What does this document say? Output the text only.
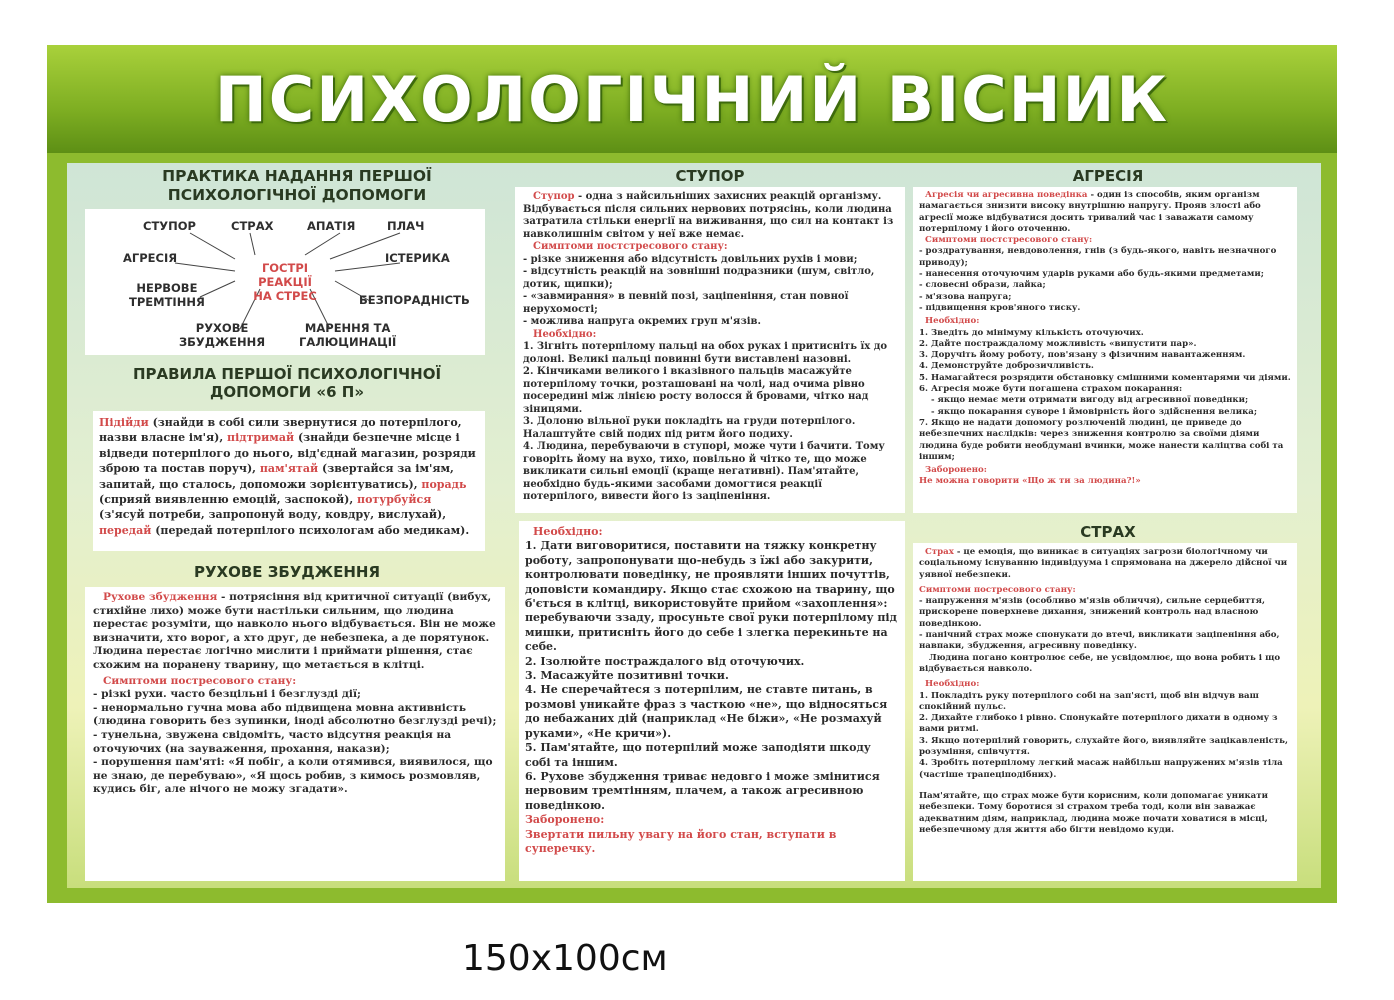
ПСИХОЛОГІЧНИЙ ВІСНИК
ПРАКТИКА НАДАННЯ ПЕРШОЇ
ПСИХОЛОГІЧНОЇ ДОПОМОГИ
СТУПОР	СТРАХ	АПАТІЯ	ПЛАЧ
АГРЕСІЯ	ІСТЕРИКА
НЕРВОВЕ
ТРЕМТІННЯ	БЕЗПОРАДНІСТЬ
РУХОВЕ
ЗБУДЖЕННЯ
МАРЕННЯ ТА
ГАЛЮЦИНАЦІЇ
ГОСТРІ РЕАКЦІЇ
НА СТРЕС
ПРАВИЛА ПЕРШОЇ ПСИХОЛОГІЧНОЇ
ДОПОМОГИ «6 П»

Підійди (знайди в собі сили звернутися до потерпілого, назви власне ім'я), підтримай (знайди безпечне місце і відведи потерпілого до нього, від'єднай магазин, розряди зброю та постав поруч), пам'ятай (звертайся за ім'ям, запитай, що сталось, допоможи зорієнтуватись), порадь (сприяй виявленню емоцій, заспокой), потурбуйся (з'ясуй потреби, запропонуй воду, ковдру, вислухай), передай (передай потерпілого психологам або медикам).

РУХОВЕ ЗБУДЖЕННЯ

Рухове збудження - потрясіння від критичної ситуації (вибух, стихійне лихо) може бути настільки сильним, що людина перестає розуміти, що навколо нього відбувається. Він не може визначити, хто ворог, а хто друг, де небезпека, а де порятунок. Людина перестає логічно мислити і приймати рішення, стає схожим на поранену тварину, що метається в клітці.

Симптоми постресового стану:

- різкі рухи. часто безцільні і безглузді дії;

- ненормально гучна мова або підвищена мовна активність (людина говорить без зупинки, іноді абсолютно безглузді речі);

- тунельна, звужена свідоміть, часто відсутня реакція на оточуючих (на зауваження, прохання, накази);

- порушення пам'яті: «Я побіг, а коли отямився, виявилося, що не знаю, де перебуваю», «Я щось робив, з кимось розмовляв, кудись біг, але нічого не можу згадати».

СТУПОР

Ступор - одна з найсильніших захисних реакцій організму. Відбувається після сильних нервових потрясінь, коли людина затратила стільки енергії на виживання, що сил на контакт із навколишнім світом у неї вже немає.

Симптоми постстресового стану:

- різке зниження або відсутність довільних рухів і мови;

- відсутність реакцій на зовнішні подразники (шум, світло, дотик, щипки);

- «завмирання» в певній позі, заціпеніння, стан повної нерухомості;

- можлива напруга окремих груп м'язів.

Необхідно:

1. Зігніть потерпілому пальці на обох руках і притисніть їх до долоні. Великі пальці повинні бути виставлені назовні.

2. Кінчиками великого і вказівного пальців масажуйте потерпілому точки, розташовані на чолі, над очима рівно посередині між лінією росту волосся й бровами, чітко над зіницями.

3. Долоню вільної руки покладіть на груди потерпілого. Налаштуйте свій подих під ритм його подиху.

4. Людина, перебуваючи в ступорі, може чути і бачити. Тому говоріть йому на вухо, тихо, повільно й чітко те, що може викликати сильні емоції (краще негативні). Пам'ятайте, необхідно будь-якими засобами домогтися реакції потерпілого, вивести його із заціпеніння.

Необхідно:

1. Дати виговоритися, поставити на тяжку конкретну роботу, запропонувати що-небудь з їжі або закурити, контролювати поведінку, не проявляти інших почуттів, доповісти командиру. Якщо стає схожою на тварину, що б'ється в клітці, використовуйте прийом «захоплення»: перебуваючи ззаду, просуньте свої руки потерпілому під мишки, притисніть його до себе і злегка перекиньте на себе.

2. Ізолюйте постраждалого від оточуючих.

3. Масажуйте позитивні точки.

4. Не сперечайтеся з потерпілим, не ставте питань, в розмові уникайте фраз з часткою «не», що відносяться до небажаних дій (наприклад «Не біжи», «Не розмахуй руками», «Не кричи»).

5. Пам'ятайте, що потерпілий може заподіяти шкоду собі та іншим.

6. Рухове збудження триває недовго і може змінитися нервовим тремтінням, плачем, а також агресивною поведінкою.

Заборонено:

Звертати пильну увагу на його стан, вступати в суперечку.

АГРЕСІЯ

Агресія чи агресивна поведінка - один із способів, яким організм намагається знизити високу внутрішню напругу. Прояв злості або агресії може відбуватися досить тривалий час і заважати самому потерпілому і його оточенню.

Симптоми постстресового стану:

- роздратування, невдоволення, гнів (з будь-якого, навіть незначного приводу);

- нанесення оточуючим ударів руками або будь-якими предметами;

- словесні образи, лайка;

- м'язова напруга;

- підвищення кров'яного тиску.

Необхідно:

1. Зведіть до мінімуму кількість оточуючих.

2. Дайте постраждалому можливість «випустити пар».

3. Доручіть йому роботу, пов'язану з фізичним навантаженням.

4. Демонструйте доброзичливість.

5. Намагайтеся розрядити обстановку смішними коментарями чи діями.

6. Агресія може бути погашена страхом покарання:

- якщо немає мети отримати вигоду від агресивної поведінки;

- якщо покарання суворе і ймовірність його здійснення велика;

7. Якщо не надати допомогу розлюченій людині, це приведе до небезпечних наслідків: через зниження контролю за своїми діями людина буде робити необдумані вчинки, може нанести каліцтва собі та іншим;

Заборонено:

Не можна говорити «Що ж ти за людина?!»

СТРАХ

Страх - це емоція, що виникає в ситуаціях загрози біологічному чи соціальному існуванню індивідуума і спрямована на джерело дійсної чи уявної небезпеки.

Симптоми постресового стану:

- напруження м'язів (особливо м'язів обличчя), сильне серцебиття, прискорене поверхневе дихання, знижений контроль над власною поведінкою.

- панічний страх може спонукати до втечі, викликати заціпеніння або, навпаки, збудження, агресивну поведінку.

Людина погано контролює себе, не усвідомлює, що вона робить і що відбувається навколо.

Необхідно:

1. Покладіть руку потерпілого собі на зап'ясті, щоб він відчув ваш спокійний пульс.

2. Дихайте глибоко і рівно. Спонукайте потерпілого дихати в одному з вами ритмі.

3. Якщо потерпілий говорить, слухайте його, виявляйте зацікавленість, розуміння, співчуття.

4. Зробіть потерпілому легкий масаж найбільш напружених м'язів тіла (частіше трапеціподібних).

Пам'ятайте, що страх може бути корисним, коли допомагає уникати небезпеки. Тому боротися зі страхом треба тоді, коли він заважає адекватним діям, наприклад, людина може почати ховатися в місці, небезпечному для життя або бігти невідомо куди.

150x100см
